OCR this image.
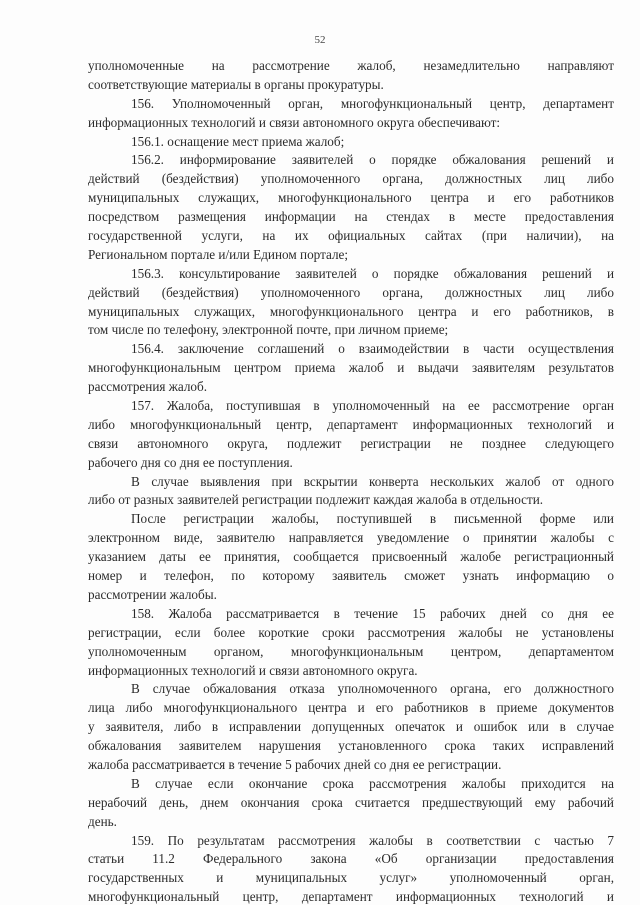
52
уполномоченные на рассмотрение жалоб, незамедлительно направляют
соответствующие материалы в органы прокуратуры.
156. Уполномоченный орган, многофункциональный центр, департамент
информационных технологий и связи автономного округа обеспечивают:
156.1. оснащение мест приема жалоб;
156.2. информирование заявителей о порядке обжалования решений и
действий (бездействия) уполномоченного органа, должностных лиц либо
муниципальных служащих, многофункционального центра и его работников
посредством размещения информации на стендах в месте предоставления
государственной услуги, на их официальных сайтах (при наличии), на
Региональном портале и/или Едином портале;
156.3. консультирование заявителей о порядке обжалования решений и
действий (бездействия) уполномоченного органа, должностных лиц либо
муниципальных служащих, многофункционального центра и его работников, в
том числе по телефону, электронной почте, при личном приеме;
156.4. заключение соглашений о взаимодействии в части осуществления
многофункциональным центром приема жалоб и выдачи заявителям результатов
рассмотрения жалоб.
157. Жалоба, поступившая в уполномоченный на ее рассмотрение орган
либо многофункциональный центр, департамент информационных технологий и
связи автономного округа, подлежит регистрации не позднее следующего
рабочего дня со дня ее поступления.
В случае выявления при вскрытии конверта нескольких жалоб от одного
либо от разных заявителей регистрации подлежит каждая жалоба в отдельности.
После регистрации жалобы, поступившей в письменной форме или
электронном виде, заявителю направляется уведомление о принятии жалобы с
указанием даты ее принятия, сообщается присвоенный жалобе регистрационный
номер и телефон, по которому заявитель сможет узнать информацию о
рассмотрении жалобы.
158. Жалоба рассматривается в течение 15 рабочих дней со дня ее
регистрации, если более короткие сроки рассмотрения жалобы не установлены
уполномоченным органом, многофункциональным центром, департаментом
информационных технологий и связи автономного округа.
В случае обжалования отказа уполномоченного органа, его должностного
лица либо многофункционального центра и его работников в приеме документов
у заявителя, либо в исправлении допущенных опечаток и ошибок или в случае
обжалования заявителем нарушения установленного срока таких исправлений
жалоба рассматривается в течение 5 рабочих дней со дня ее регистрации.
В случае если окончание срока рассмотрения жалобы приходится на
нерабочий день, днем окончания срока считается предшествующий ему рабочий
день.
159. По результатам рассмотрения жалобы в соответствии с частью 7
статьи 11.2 Федерального закона «Об организации предоставления
государственных и муниципальных услуг» уполномоченный орган,
многофункциональный центр, департамент информационных технологий и
